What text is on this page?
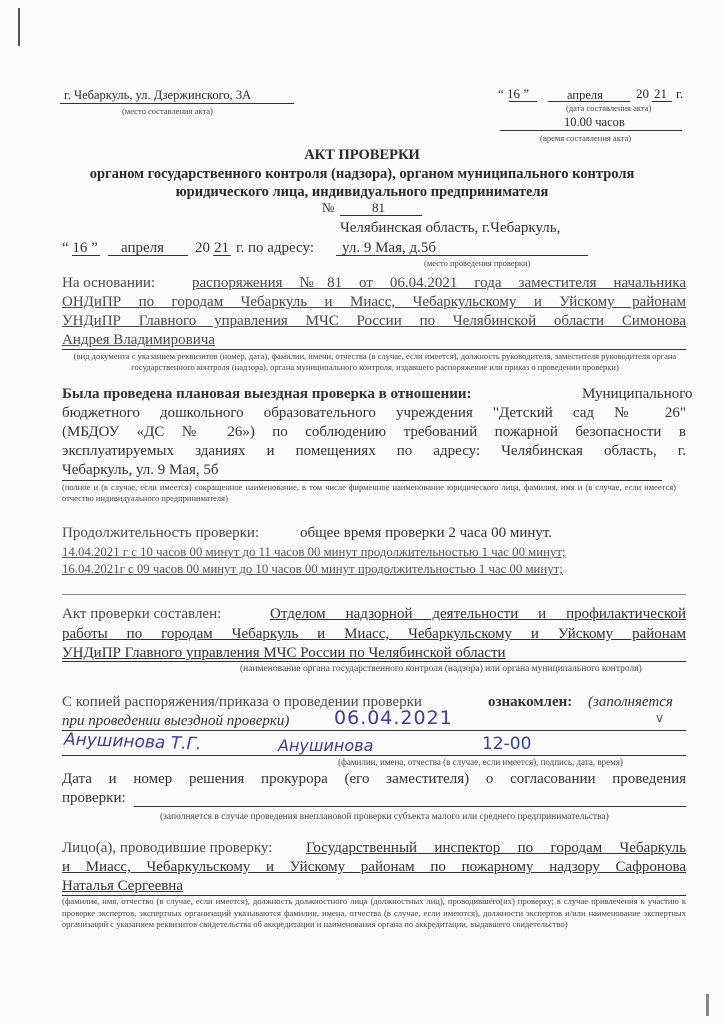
г. Чебаркуль, ул. Дзержинского, 3А
(место составления акта)
“ 16 ”	апреля	20 21 г.
(дата составления акта)
10.00 часов
(время составления акта)
АКТ ПРОВЕРКИ
органом государственного контроля (надзора), органом муниципального контроля
юридического лица, индивидуального предпринимателя
№	81
Челябинская область, г.Чебаркуль,
“ 16 ” апреля 20 21 г. по адресу: ул. 9 Мая, д.5б
(место проведения проверки)
На основании: распоряжения №81 от 06.04.2021 года заместителя начальника
ОНДиПР по городам Чебаркуль и Миасс, Чебаркульскому и Уйскому районам
УНДиПР Главного управления МЧС России по Челябинской области Симонова
Андрея Владимировича
(вид документа с указанием реквизитов (номер, дата), фамилии, имени, отчества (в случае, если имеется), должность руководителя, заместителя руководителя органа государственного контроля (надзора), органа муниципального контроля, издавшего распоряжение или приказ о проведении проверки)
Была проведена плановая выездная проверка в отношении:	Муниципального
бюджетного дошкольного образовательного учреждения "Детский сад № 26"
(МБДОУ «ДС № 26») по соблюдению требований пожарной безопасности в
эксплуатируемых зданиях и помещениях по адресу: Челябинская область, г.
Чебаркуль, ул. 9 Мая, 5б
(полное и (в случае, если имеется) сокращенное наименование, в том числе фирменное наименование юридического лица, фамилия, имя и (в случае, если имеется) отчество индивидуального предпринимателя)
Продолжительность проверки:	общее время проверки 2 часа 00 минут.
14.04.2021 г с 10 часов 00 минут до 11 часов 00 минут продолжительностью 1 час 00 минут;
16.04.2021г с 09 часов 00 минут до 10 часов 00 минут продолжительностью 1 час 00 минут;
Акт проверки составлен:	Отделом надзорной деятельности и профилактической
работы по городам Чебаркуль и Миасс, Чебаркульскому и Уйскому районам
УНДиПР Главного управления МЧС России по Челябинской области
(наименование органа государственного контроля (надзора) или органа муниципального контроля)
С копией распоряжения/приказа о проведении проверки	ознакомлен: (заполняется
при проведении выездной проверки) 06.04.2021	v
Анушинова Т.Г.	Анушинова	12-00
(фамилии, имена, отчества (в случае, если имеется), подпись, дата, время)
Дата и номер решения прокурора (его заместителя) о согласовании проведения
проверки:
(заполняется в случае проведения внеплановой проверки субъекта малого или среднего предпринимательства)
Лицо(а), проводившие проверку: Государственный инспектор по городам Чебаркуль
и Миасс, Чебаркульскому и Уйскому районам по пожарному надзору Сафронова
Наталья Сергеевна
(фамилия, имя, отчество (в случае, если имеется), должность должностного лица (должностных лиц), проводившего(их) проверку; в случае привлечения к участию к проверке экспертов, экспертных организаций указываются фамилии, имена, отчества (в случае, если имеются), должности экспертов и/или наименование экспертных организаций с указанием реквизитов свидетельства об аккредитации и наименования органа по аккредитации, выдавшего свидетельство)
